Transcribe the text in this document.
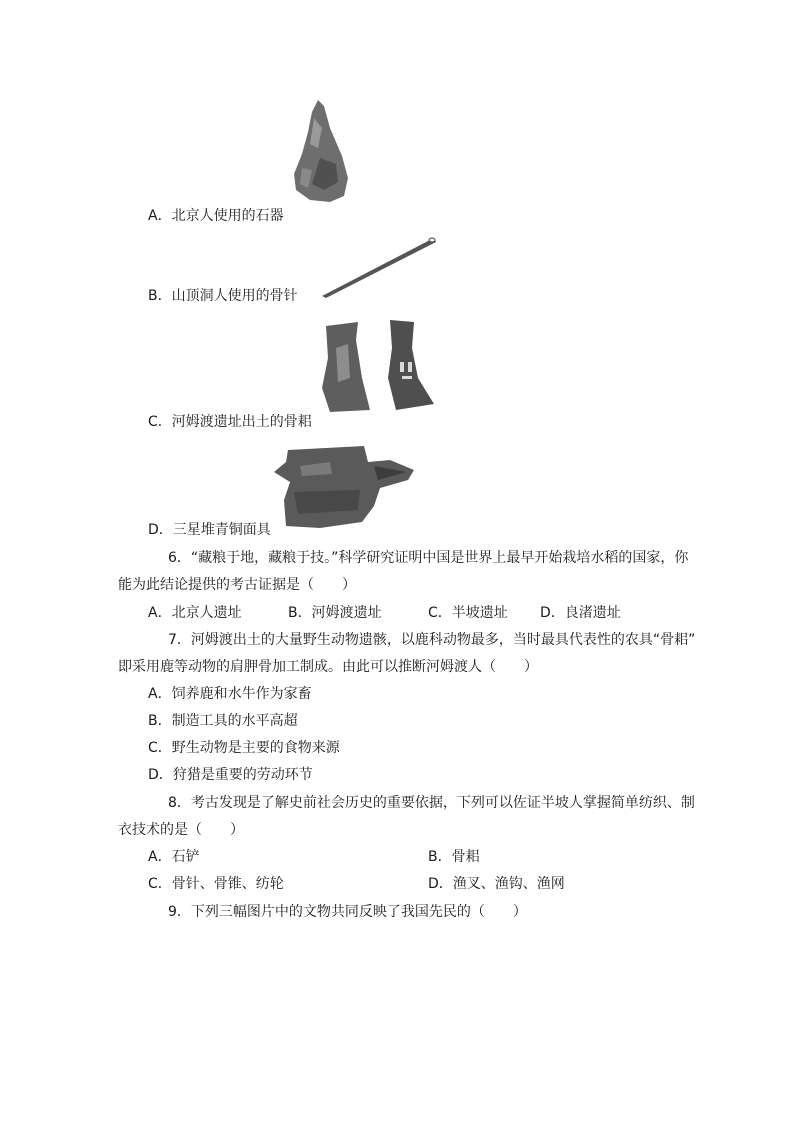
A．北京人使用的石器
B．山顶洞人使用的骨针
C．河姆渡遗址出土的骨耜
D．三星堆青铜面具
6．“藏粮于地，藏粮于技。”科学研究证明中国是世界上最早开始栽培水稻的国家，你
能为此结论提供的考古证据是（　　）
A．北京人遗址	B．河姆渡遗址	C．半坡遗址 D．良渚遗址
7．河姆渡出土的大量野生动物遗骸，以鹿科动物最多，当时最具代表性的农具“骨耜”
即采用鹿等动物的肩胛骨加工制成。由此可以推断河姆渡人（　　）
A．饲养鹿和水牛作为家畜
B．制造工具的水平高超
C．野生动物是主要的食物来源
D．狩猎是重要的劳动环节
8．考古发现是了解史前社会历史的重要依据，下列可以佐证半坡人掌握简单纺织、制
衣技术的是（　　）
A．石铲	B．骨耜
C．骨针、骨锥、纺轮	D．渔叉、渔钩、渔网
9．下列三幅图片中的文物共同反映了我国先民的（　　）
